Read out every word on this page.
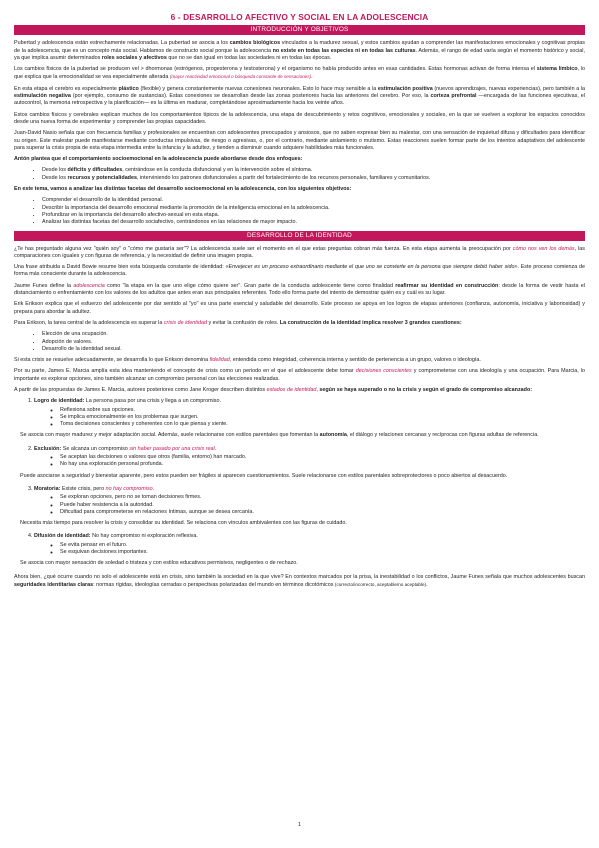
6 - DESARROLLO AFECTIVO Y SOCIAL EN LA ADOLESCENCIA
INTRODUCCIÓN Y OBJETIVOS

Pubertad y adolescencia están estrechamente relacionadas. La pubertad se asocia a los cambios biológicos vinculados a la madurez sexual, y estos cambios ayudan a comprender las manifestaciones emocionales y cognitivas propias de la adolescencia, que es un concepto más social. Hablamos de constructo social porque la adolescencia no existe en todas las especies ni en todas las culturas. Además, el rango de edad varía según el momento histórico y social, ya que implica asumir determinados roles sociales y afectivos que no se dan igual en todas las sociedades ni en todas las épocas.

Los cambios físicos de la pubertad se producen vel > dhormonas (estrógenos, progesterona y testosterona) y el organismo no había producido antes en esas cantidades. Estas hormonas activan de forma intensa el sistema límbico, lo que explica que la emocionalidad se vea especialmente alterada (mayor reactividad emocional o búsqueda constante de sensaciones).

En esta etapa el cerebro es especialmente plástico (flexible) y genera constantemente nuevas conexiones neuronales. Esto lo hace muy sensible a la estimulación positiva (nuevos aprendizajes, nuevas experiencias), pero también a la estimulación negativa (por ejemplo, consumo de sustancias). Estas conexiones se desarrollan desde las zonas posteriores hacia las anteriores del cerebro. Por eso, la corteza prefrontal —encargada de las funciones ejecutivas, el autocontrol, la memoria retrospectiva y la planificación— es la última en madurar, completándose aproximadamente hacia los veinte años.

Estos cambios físicos y cerebrales explican muchos de los comportamientos típicos de la adolescencia, una etapa de descubrimiento y retos cognitivos, emocionales y sociales, en la que se vuelven a explorar los espacios conocidos desde una nueva forma de experimentar y comprender las propias capacidades.

Juan-David Nasio señala que con frecuencia familias y profesionales se encuentran con adolescentes preocupados y ansiosos, que no saben expresar bien su malestar, con una sensación de inquietud difusa y dificultades para identificar su origen. Este malestar puede manifestarse mediante conductas impulsivas, de riesgo o agresivas, o, por el contrario, mediante aislamiento o mutismo. Estas reacciones suelen formar parte de los intentos adaptativos del adolescente para superar la crisis propia de esta etapa intermedia entre la infancia y la adultez, y tienden a disminuir cuando adquiere habilidades más funcionales.

Antón plantea que el comportamiento socioemocional en la adolescencia puede abordarse desde dos enfoques:

• Desde los déficits y dificultades, centrándose en la conducta disfuncional y en la intervención sobre el síntoma.
• Desde los recursos y potencialidades, interviniendo los patrones disfuncionales a partir del fortalecimiento de los recursos personales, familiares y comunitarios.

En este tema, vamos a analizar las distintas facetas del desarrollo socioemocional en la adolescencia, con los siguientes objetivos:

• Comprender el desarrollo de la identidad personal.
• Describir la importancia del desarrollo emocional mediante la promoción de la inteligencia emocional en la adolescencia.
• Profundizar en la importancia del desarrollo afectivo-sexual en esta etapa.
• Analizar las distintas facetas del desarrollo sociafectivo, centrándonos en las relaciones de mayor impacto.
DESARROLLO DE LA IDENTIDAD

¿Te has preguntado alguna vez "quién soy" o "cómo me gustaría ser"? La adolescencia suele ser el momento en el que estas preguntas cobran más fuerza. En esta etapa aumenta la preocupación por cómo nos ven los demás, las comparaciones con iguales y con figuras de referencia, y la necesidad de definir una imagen propia.

Una frase atribuida a David Bowie resume bien esta búsqueda constante de identidad: «Envejecer es un proceso extraordinario mediante el que uno se convierte en la persona que siempre debió haber sido». Este proceso comienza de forma más consciente durante la adolescencia.

Jaume Funes define la adolescencia como "la etapa en la que uno elige cómo quiere ser". Gran parte de la conducta adolescente tiene como finalidad reafirmar su identidad en construcción: desde la forma de vestir hasta el distanciamiento o enfrentamiento con los valores de los adultos que antes eran sus principales referentes. Todo ello forma parte del intento de demostrar quién es y cuál es su lugar.

Erik Erikson explica que el esfuerzo del adolescente por dar sentido al "yo" es una parte esencial y saludable del desarrollo. Este proceso se apoya en los logros de etapas anteriores (confianza, autonomía, iniciativa y laboriosidad) y prepara para abordar la adultez.

Para Erikson, la tarea central de la adolescencia es superar la crisis de identidad y evitar la confusión de roles. La construcción de la identidad implica resolver 3 grandes cuestiones:

• Elección de una ocupación.
• Adopción de valores.
• Desarrollo de la identidad sexual.

Si esta crisis se resuelve adecuadamente, se desarrolla lo que Erikson denomina fidelidad, entendida como integridad, coherencia interna y sentido de pertenencia a un grupo, valores o ideología.

Por su parte, James E. Marcia amplía esta idea manteniendo el concepto de crisis como un periodo en el que el adolescente debe tomar decisiones conscientes y comprometerse con una ideología y una ocupación. Para Marcia, lo importante es explorar opciones, sino también alcanzar un compromiso personal con las elecciones realizadas.

A partir de las propuestas de James E. Marcia, autores posteriores como Jane Kroger describen distintos estados de identidad, según se haya superado o no la crisis y según el grado de compromiso alcanzado:

1. Logro de identidad: La persona pasa por una crisis y llega a un compromiso.
◦ Reflexiona sobre sus opciones.
◦ Se implica emocionalmente en los problemas que surgen.
◦ Toma decisiones conscientes y coherentes con lo que piensa y siente.

Se asocia con mayor madurez y mejor adaptación social. Además, suele relacionarse con estilos parentales que fomentan la autonomía, el diálogo y relaciones cercanas y recíprocas con figuras adultas de referencia.

2. Exclusión: Se alcanza un compromiso sin haber pasado por una crisis real.
◦ Se aceptan las decisiones o valores que otros (familia, entorno) han marcado.
◦ No hay una exploración personal profunda.

Puede asociarse a seguridad y bienestar aparente, pero estos pueden ser frágiles si aparecen cuestionamientos. Suele relacionarse con estilos parentales sobreprotectores o poco abiertos al desacuerdo.

3. Moratoria: Existe crisis, pero no hay compromiso.
◦ Se exploran opciones, pero no se toman decisiones firmes.
◦ Puede haber resistencia a la autoridad.
◦ Dificultad para comprometerse en relaciones íntimas, aunque se desea cercanía.

Necesita más tiempo para resolver la crisis y consolidar su identidad. Se relaciona con vínculos ambivalentes con las figuras de cuidado.

4. Difusión de identidad: No hay compromiso ni exploración reflexiva.
◦ Se evita pensar en el futuro.
◦ Se esquivan decisiones importantes.

Se asocia con mayor sensación de soledad o tristeza y con estilos educativos permisivos, negligentes o de rechazo.

Ahora bien, ¿qué ocurre cuando no solo el adolescente está en crisis, sino también la sociedad en la que vive? En contextos marcados por la prisa, la inestabilidad o los conflictos, Jaume Funes señala que muchos adolescentes buscan seguridades identitarias claras: normas rígidas, ideologías cerradas o perspectivas polarizadas del mundo en términos dicotómicos (correcto/incorrecto, aceptable/no aceptable).

1
